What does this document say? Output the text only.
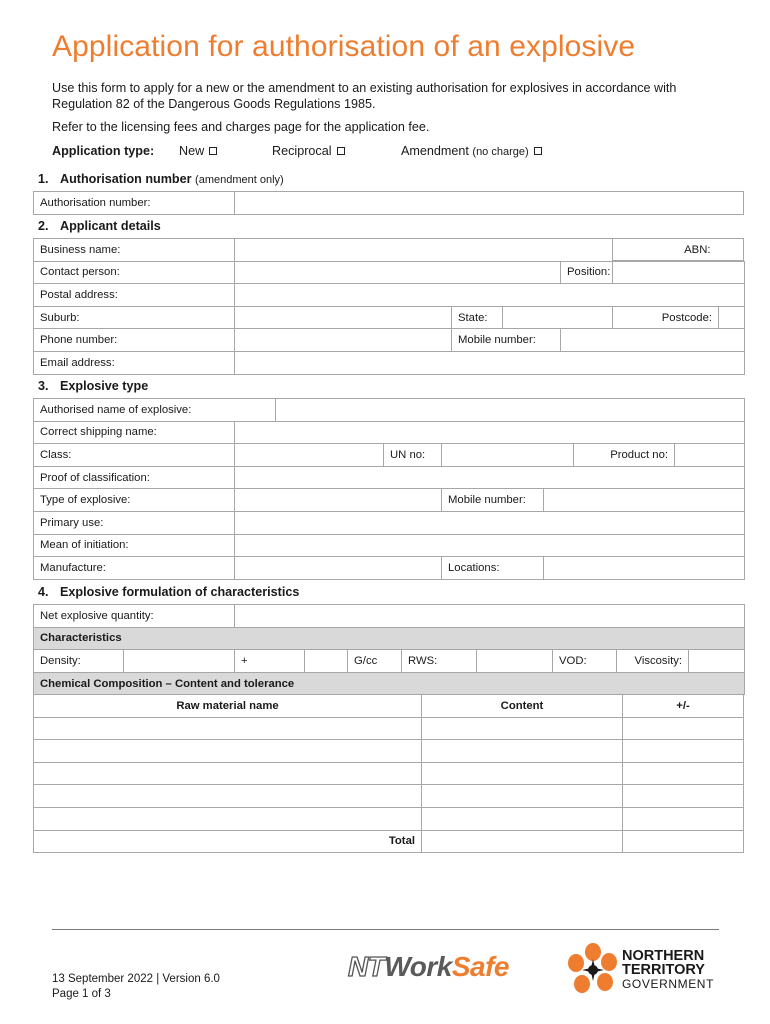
Application for authorisation of an explosive

Use this form to apply for a new or the amendment to an existing authorisation for explosives in accordance with Regulation 82 of the Dangerous Goods Regulations 1985.

Refer to the licensing fees and charges page for the application fee.

Application type: New	Reciprocal	Amendment (no charge)
1. Authorisation number (amendment only)
Authorisation number:	
2. Applicant details
Business name:					ABN:
Contact person:				Position:		
Postal address:						
Suburb:		State:			Postcode:	
Phone number:		Mobile number:				
Email address:						
3. Explosive type
Authorised name of explosive:							
Correct shipping name:							
Class:			UN no:			Product no:	
Proof of classification:							
Type of explosive:				Mobile number:			
Primary use:							
Mean of initiation:							
Manufacture:				Locations:			
4. Explosive formulation of characteristics
Net explosive quantity:									
Characteristics									
Density:		+		G/cc	RWS:		VOD:	Viscosity:	
Chemical Composition – Content and tolerance									
Raw material name	Content	+/-

Total		
13 September 2022 | Version 6.0
Page 1 of 3
NTWorkSafe	NORTHERN
TERRITORY
GOVERNMENT
